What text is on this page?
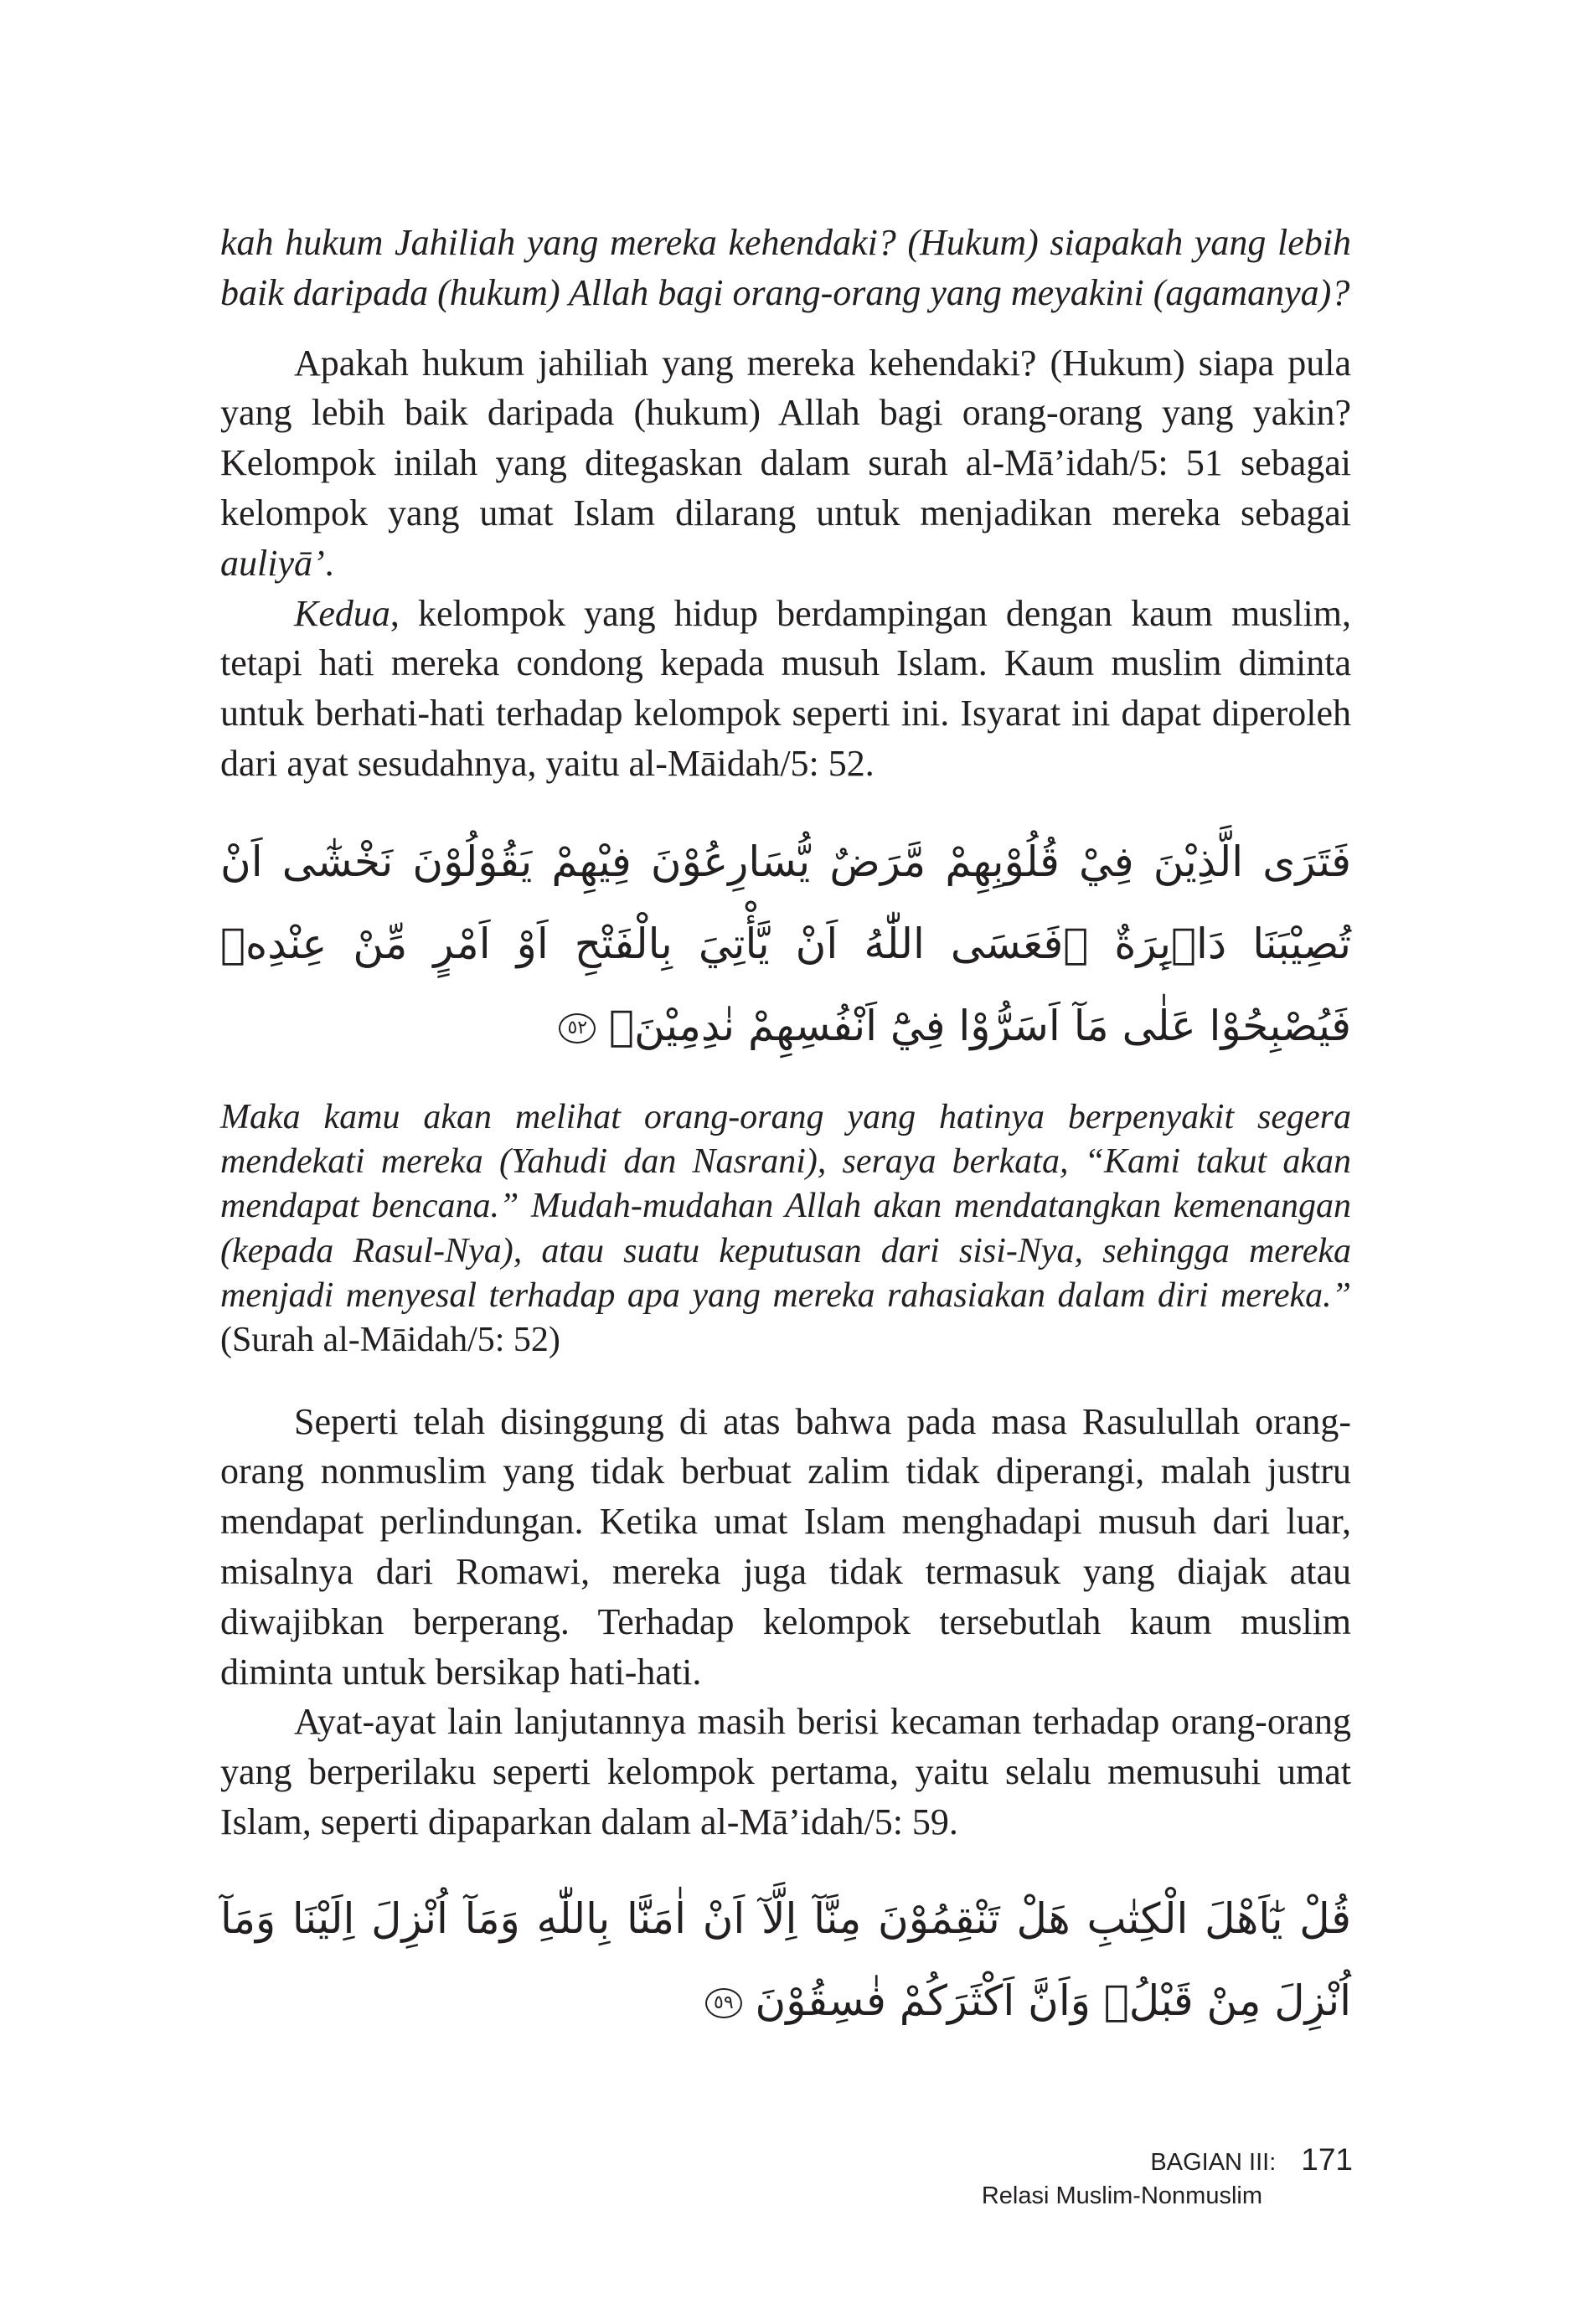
kah hukum Jahiliah yang mereka kehendaki? (Hukum) siapakah yang lebih baik daripada (hukum) Allah bagi orang-orang yang meyakini (agamanya)?

Apakah hukum jahiliah yang mereka kehendaki? (Hukum) siapa pula yang lebih baik daripada (hukum) Allah bagi orang-orang yang yakin? Kelompok inilah yang ditegaskan dalam surah al-Mā’idah/5: 51 sebagai kelompok yang umat Islam dilarang untuk menjadikan mereka sebagai auliyā’.

Kedua, kelompok yang hidup berdampingan dengan kaum muslim, tetapi hati mereka condong kepada musuh Islam. Kaum muslim diminta untuk berhati-hati terhadap kelompok seperti ini. Isyarat ini dapat diperoleh dari ayat sesudahnya, yaitu al-Māidah/5: 52.

فَتَرَى الَّذِيْنَ فِيْ قُلُوْبِهِمْ مَّرَضٌ يُّسَارِعُوْنَ فِيْهِمْ يَقُوْلُوْنَ نَخْشٰٓى اَنْ تُصِيْبَنَا دَاۤىِٕرَةٌ ۗفَعَسَى اللّٰهُ اَنْ يَّأْتِيَ بِالْفَتْحِ اَوْ اَمْرٍ مِّنْ عِنْدِهٖ فَيُصْبِحُوْا عَلٰى مَآ اَسَرُّوْا فِيْٓ اَنْفُسِهِمْ نٰدِمِيْنَۗ ٥٢

Maka kamu akan melihat orang-orang yang hatinya berpenyakit segera mendekati mereka (Yahudi dan Nasrani), seraya berkata, “Kami takut akan mendapat bencana.” Mudah-mudahan Allah akan mendatangkan kemenangan (kepada Rasul-Nya), atau suatu keputusan dari sisi-Nya, sehingga mereka menjadi menyesal terhadap apa yang mereka rahasiakan dalam diri mereka.” (Surah al-Māidah/5: 52)

Seperti telah disinggung di atas bahwa pada masa Rasulullah orang-orang nonmuslim yang tidak berbuat zalim tidak diperangi, malah justru mendapat perlindungan. Ketika umat Islam menghadapi musuh dari luar, misalnya dari Romawi, mereka juga tidak termasuk yang diajak atau diwajibkan berperang. Terhadap kelompok tersebutlah kaum muslim diminta untuk bersikap hati-hati.

Ayat-ayat lain lanjutannya masih berisi kecaman terhadap orang-orang yang berperilaku seperti kelompok pertama, yaitu selalu memusuhi umat Islam, seperti dipaparkan dalam al-Mā’idah/5: 59.

قُلْ يٰٓاَهْلَ الْكِتٰبِ هَلْ تَنْقِمُوْنَ مِنَّآ اِلَّآ اَنْ اٰمَنَّا بِاللّٰهِ وَمَآ اُنْزِلَ اِلَيْنَا وَمَآ اُنْزِلَ مِنْ قَبْلُۙ وَاَنَّ اَكْثَرَكُمْ فٰسِقُوْنَ ٥٩

BAGIAN III: 171
Relasi Muslim-Nonmuslim
